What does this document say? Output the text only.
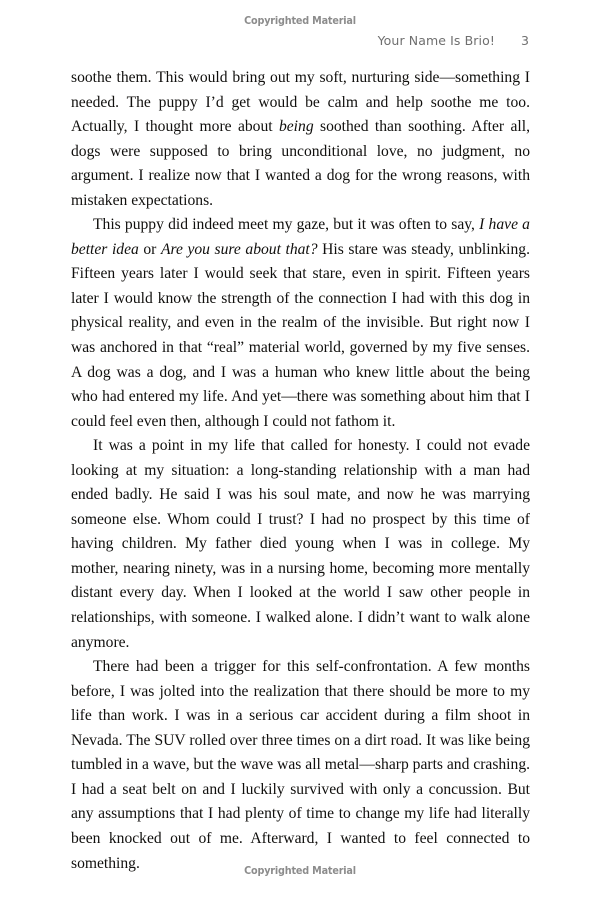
Copyrighted Material
Your Name Is Brio! 3

soothe them. This would bring out my soft, nurturing side—something I needed. The puppy I’d get would be calm and help soothe me too. Actually, I thought more about being soothed than soothing. After all, dogs were supposed to bring unconditional love, no judgment, no argument. I realize now that I wanted a dog for the wrong reasons, with mistaken expectations.

This puppy did indeed meet my gaze, but it was often to say, I have a better idea or Are you sure about that? His stare was steady, unblinking. Fifteen years later I would seek that stare, even in spirit. Fifteen years later I would know the strength of the connection I had with this dog in physical reality, and even in the realm of the invisible. But right now I was anchored in that “real” material world, governed by my five senses. A dog was a dog, and I was a human who knew little about the being who had entered my life. And yet—there was something about him that I could feel even then, although I could not fathom it.

It was a point in my life that called for honesty. I could not evade looking at my situation: a long-standing relationship with a man had ended badly. He said I was his soul mate, and now he was marrying someone else. Whom could I trust? I had no prospect by this time of having children. My father died young when I was in college. My mother, nearing ninety, was in a nursing home, becoming more mentally distant every day. When I looked at the world I saw other people in relationships, with someone. I walked alone. I didn’t want to walk alone anymore.

There had been a trigger for this self-confrontation. A few months before, I was jolted into the realization that there should be more to my life than work. I was in a serious car accident during a film shoot in Nevada. The SUV rolled over three times on a dirt road. It was like being tumbled in a wave, but the wave was all metal—sharp parts and crashing. I had a seat belt on and I luckily survived with only a concussion. But any assumptions that I had plenty of time to change my life had literally been knocked out of me. Afterward, I wanted to feel connected to something.	Copyrighted Material
